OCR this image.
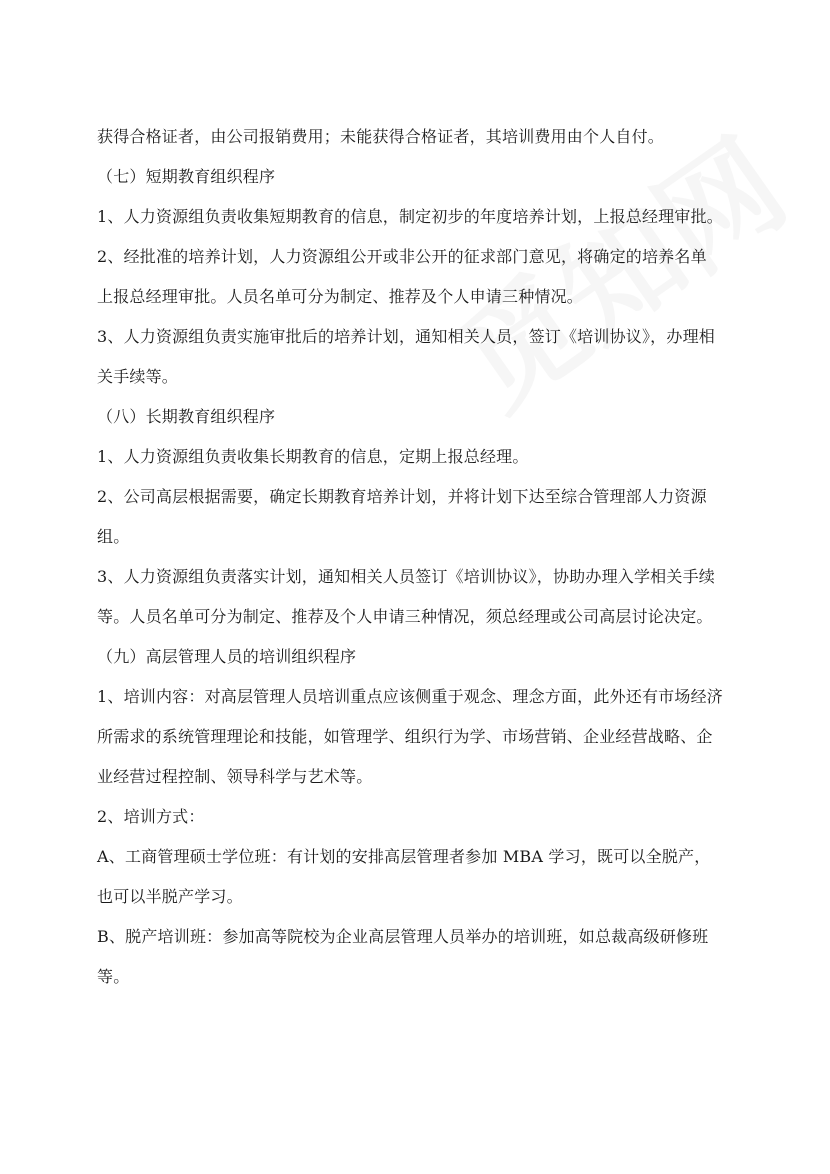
获得合格证者，由公司报销费用；未能获得合格证者，其培训费用由个人自付。
（七）短期教育组织程序
1、人力资源组负责收集短期教育的信息，制定初步的年度培养计划，上报总经理审批。
2、经批准的培养计划，人力资源组公开或非公开的征求部门意见，将确定的培养名单
上报总经理审批。人员名单可分为制定、推荐及个人申请三种情况。
3、人力资源组负责实施审批后的培养计划，通知相关人员，签订《培训协议》，办理相
关手续等。
（八）长期教育组织程序
1、人力资源组负责收集长期教育的信息，定期上报总经理。
2、公司高层根据需要，确定长期教育培养计划，并将计划下达至综合管理部人力资源
组。
3、人力资源组负责落实计划，通知相关人员签订《培训协议》，协助办理入学相关手续
等。人员名单可分为制定、推荐及个人申请三种情况，须总经理或公司高层讨论决定。
（九）高层管理人员的培训组织程序
1、培训内容：对高层管理人员培训重点应该侧重于观念、理念方面，此外还有市场经济
所需求的系统管理理论和技能，如管理学、组织行为学、市场营销、企业经营战略、企
业经营过程控制、领导科学与艺术等。
2、培训方式：
A、工商管理硕士学位班：有计划的安排高层管理者参加 MBA 学习，既可以全脱产，
也可以半脱产学习。
B、脱产培训班：参加高等院校为企业高层管理人员举办的培训班，如总裁高级研修班
等。
